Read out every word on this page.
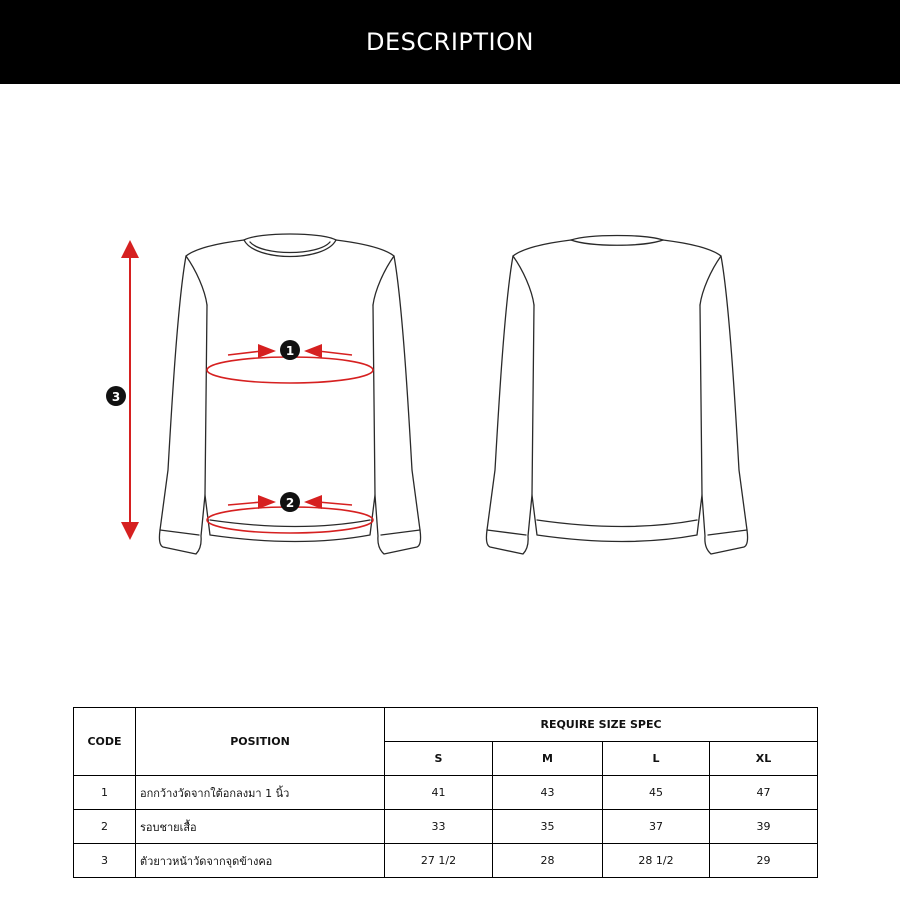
DESCRIPTION
3
1
2
CODE	POSITION	REQUIRE SIZE SPEC			
		S	M	L	XL
1	อกกว้างวัดจากใต้อกลงมา 1 นิ้ว	41	43	45	47
2	รอบชายเสื้อ	33	35	37	39
3	ตัวยาวหน้าวัดจากจุดข้างคอ	27 1/2	28	28 1/2	29
